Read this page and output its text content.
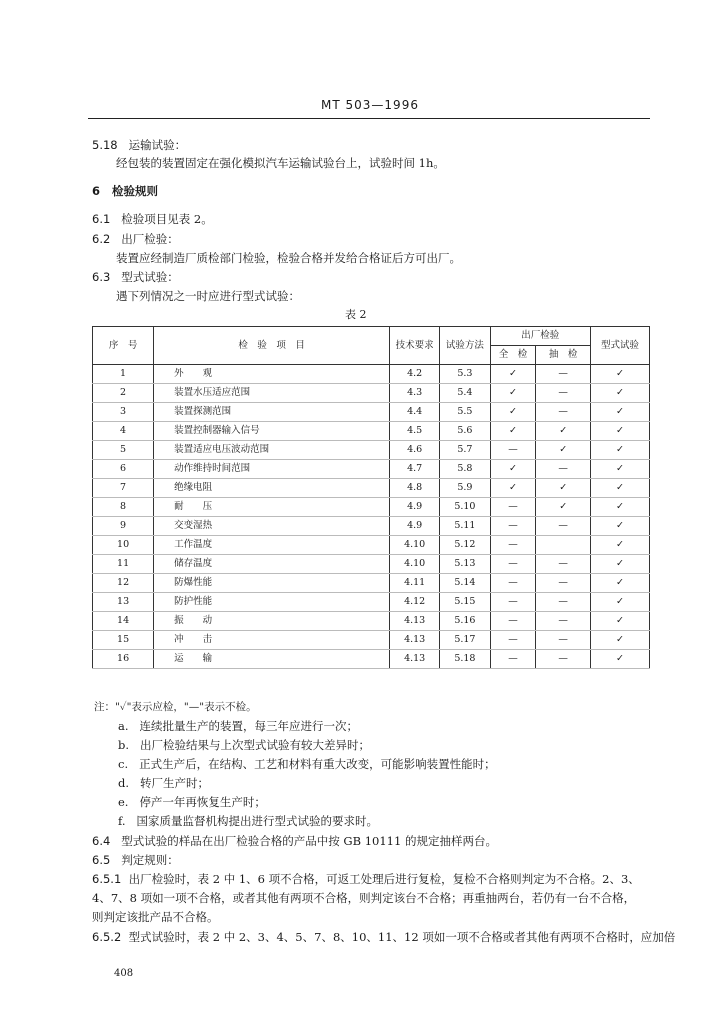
MT 503—1996
5.18 运输试验：
经包装的装置固定在强化模拟汽车运输试验台上，试验时间 1h。
6 检验规则
6.1 检验项目见表 2。
6.2 出厂检验：
装置应经制造厂质检部门检验，检验合格并发给合格证后方可出厂。
6.3 型式试验：
遇下列情况之一时应进行型式试验：
表 2
序　号	检　验　项　目	技术要求	试验方法	出厂检验		型式试验
				全　检	抽　检	
1	外　　观	4.2	5.3	✓	—	✓
2	装置水压适应范围	4.3	5.4	✓	—	✓
3	装置探测范围	4.4	5.5	✓	—	✓
4	装置控制器输入信号	4.5	5.6	✓	✓	✓
5	装置适应电压波动范围	4.6	5.7	—	✓	✓
6	动作维持时间范围	4.7	5.8	✓	—	✓
7	绝缘电阻	4.8	5.9	✓	✓	✓
8	耐　　压	4.9	5.10	—	✓	✓
9	交变湿热	4.9	5.11	—	—	✓
10	工作温度	4.10	5.12	—		✓
11	储存温度	4.10	5.13	—	—	✓
12	防爆性能	4.11	5.14	—	—	✓
13	防护性能	4.12	5.15	—	—	✓
14	振　　动	4.13	5.16	—	—	✓
15	冲　　击	4.13	5.17	—	—	✓
16	运　　输	4.13	5.18	—	—	✓
注："✓"表示应检，"—"表示不检。
a. 连续批量生产的装置，每三年应进行一次；
b. 出厂检验结果与上次型式试验有较大差异时；
c. 正式生产后，在结构、工艺和材料有重大改变，可能影响装置性能时；
d. 转厂生产时；
e. 停产一年再恢复生产时；
f. 国家质量监督机构提出进行型式试验的要求时。
6.4 型式试验的样品在出厂检验合格的产品中按 GB 10111 的规定抽样两台。
6.5 判定规则：
6.5.1 出厂检验时，表 2 中 1、6 项不合格，可返工处理后进行复检，复检不合格则判定为不合格。2、3、
4、7、8 项如一项不合格，或者其他有两项不合格，则判定该台不合格；再重抽两台，若仍有一台不合格，
则判定该批产品不合格。
6.5.2 型式试验时，表 2 中 2、3、4、5、7、8、10、11、12 项如一项不合格或者其他有两项不合格时，应加倍
408
